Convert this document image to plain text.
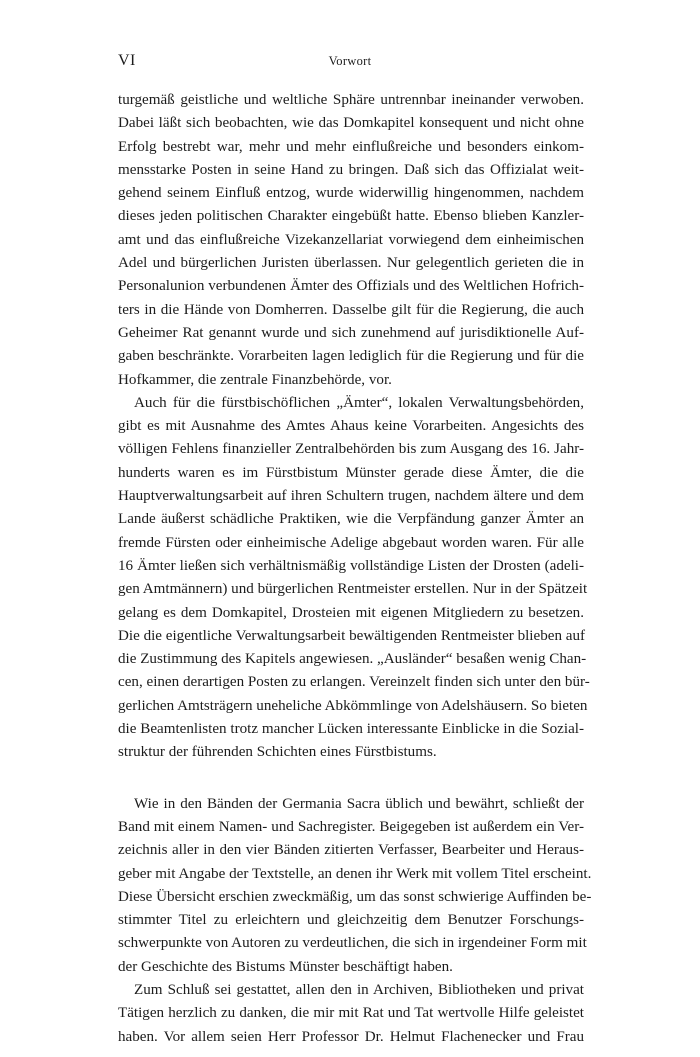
VI	Vorwort
turgemäß geistliche und weltliche Sphäre untrennbar ineinander verwoben.
Dabei läßt sich beobachten, wie das Domkapitel konsequent und nicht ohne
Erfolg bestrebt war, mehr und mehr einflußreiche und besonders einkom-
mensstarke Posten in seine Hand zu bringen. Daß sich das Offizialat weit-
gehend seinem Einfluß entzog, wurde widerwillig hingenommen, nachdem
dieses jeden politischen Charakter eingebüßt hatte. Ebenso blieben Kanzler-
amt und das einflußreiche Vizekanzellariat vorwiegend dem einheimischen
Adel und bürgerlichen Juristen überlassen. Nur gelegentlich gerieten die in
Personalunion verbundenen Ämter des Offizials und des Weltlichen Hofrich-
ters in die Hände von Domherren. Dasselbe gilt für die Regierung, die auch
Geheimer Rat genannt wurde und sich zunehmend auf jurisdiktionelle Auf-
gaben beschränkte. Vorarbeiten lagen lediglich für die Regierung und für die
Hofkammer, die zentrale Finanzbehörde, vor.
Auch für die fürstbischöflichen „Ämter“, lokalen Verwaltungsbehörden,
gibt es mit Ausnahme des Amtes Ahaus keine Vorarbeiten. Angesichts des
völligen Fehlens finanzieller Zentralbehörden bis zum Ausgang des 16. Jahr-
hunderts waren es im Fürstbistum Münster gerade diese Ämter, die die
Hauptverwaltungsarbeit auf ihren Schultern trugen, nachdem ältere und dem
Lande äußerst schädliche Praktiken, wie die Verpfändung ganzer Ämter an
fremde Fürsten oder einheimische Adelige abgebaut worden waren. Für alle
16 Ämter ließen sich verhältnismäßig vollständige Listen der Drosten (adeli-
gen Amtmännern) und bürgerlichen Rentmeister erstellen. Nur in der Spätzeit
gelang es dem Domkapitel, Drosteien mit eigenen Mitgliedern zu besetzen.
Die die eigentliche Verwaltungsarbeit bewältigenden Rentmeister blieben auf
die Zustimmung des Kapitels angewiesen. „Ausländer“ besaßen wenig Chan-
cen, einen derartigen Posten zu erlangen. Vereinzelt finden sich unter den bür-
gerlichen Amtsträgern uneheliche Abkömmlinge von Adelshäusern. So bieten
die Beamtenlisten trotz mancher Lücken interessante Einblicke in die Sozial-
struktur der führenden Schichten eines Fürstbistums.
Wie in den Bänden der Germania Sacra üblich und bewährt, schließt der
Band mit einem Namen- und Sachregister. Beigegeben ist außerdem ein Ver-
zeichnis aller in den vier Bänden zitierten Verfasser, Bearbeiter und Heraus-
geber mit Angabe der Textstelle, an denen ihr Werk mit vollem Titel erscheint.
Diese Übersicht erschien zweckmäßig, um das sonst schwierige Auffinden be-
stimmter Titel zu erleichtern und gleichzeitig dem Benutzer Forschungs-
schwerpunkte von Autoren zu verdeutlichen, die sich in irgendeiner Form mit
der Geschichte des Bistums Münster beschäftigt haben.
Zum Schluß sei gestattet, allen den in Archiven, Bibliotheken und privat
Tätigen herzlich zu danken, die mir mit Rat und Tat wertvolle Hilfe geleistet
haben. Vor allem seien Herr Professor Dr. Helmut Flachenecker und Frau
